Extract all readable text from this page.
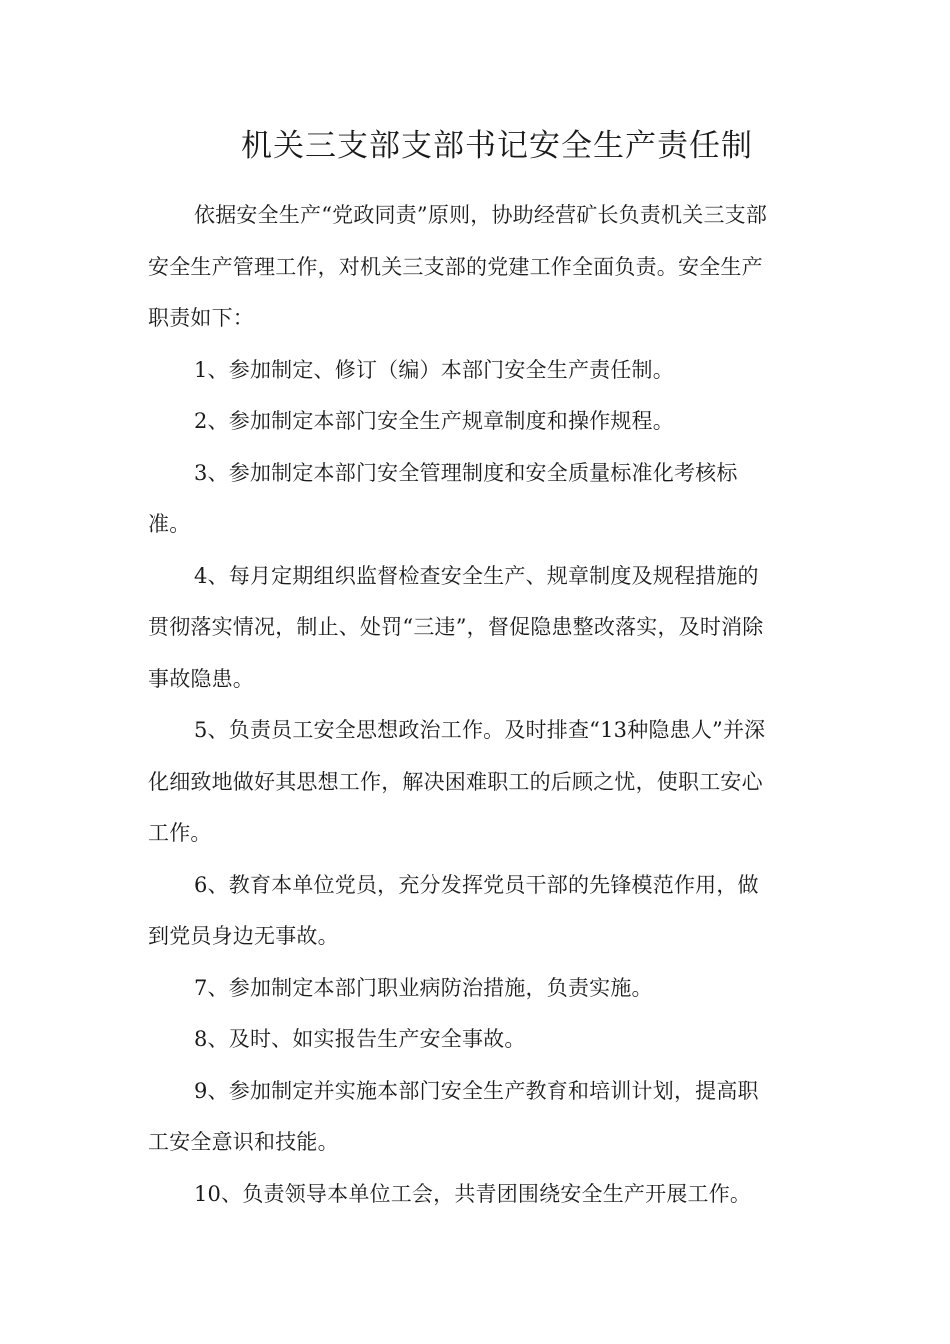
机关三支部支部书记安全生产责任制

依据安全生产“党政同责”原则，协助经营矿长负责机关三支部
安全生产管理工作，对机关三支部的党建工作全面负责。安全生产
职责如下：

1、参加制定、修订（编）本部门安全生产责任制。

2、参加制定本部门安全生产规章制度和操作规程。

3、参加制定本部门安全管理制度和安全质量标准化考核标
准。

4、每月定期组织监督检查安全生产、规章制度及规程措施的
贯彻落实情况，制止、处罚“三违”，督促隐患整改落实，及时消除
事故隐患。

5、负责员工安全思想政治工作。及时排查“13种隐患人”并深
化细致地做好其思想工作，解决困难职工的后顾之忧，使职工安心
工作。

6、教育本单位党员，充分发挥党员干部的先锋模范作用，做
到党员身边无事故。

7、参加制定本部门职业病防治措施，负责实施。

8、及时、如实报告生产安全事故。

9、参加制定并实施本部门安全生产教育和培训计划，提高职
工安全意识和技能。

10、负责领导本单位工会，共青团围绕安全生产开展工作。
